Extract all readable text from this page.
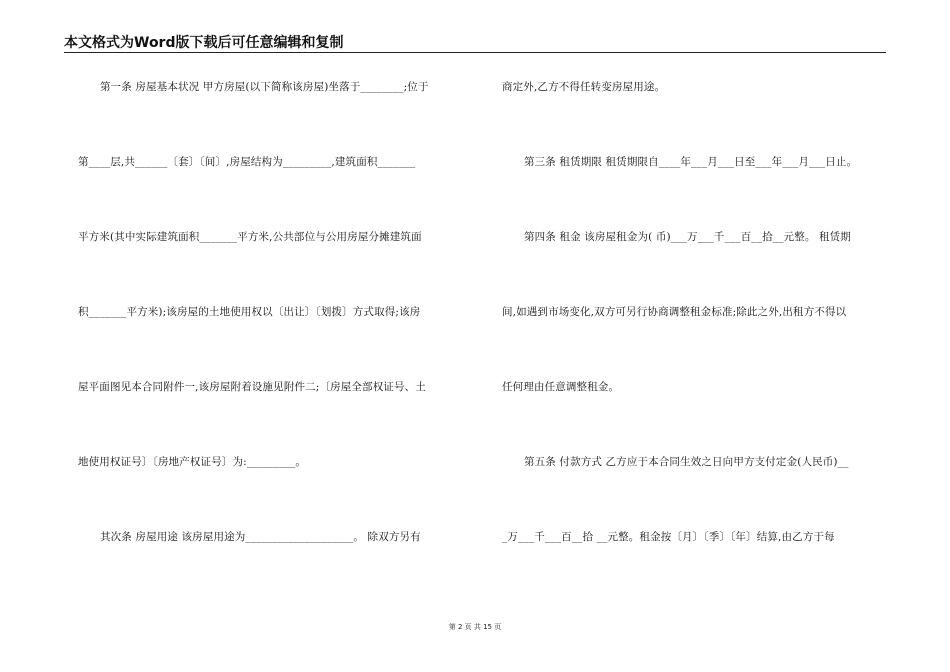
本文格式为Word版下载后可任意编辑和复制
第一条 房屋基本状况 甲方房屋(以下简称该房屋)坐落于________;位于
第____层,共______〔套〕〔间〕,房屋结构为_________,建筑面积_______
平方米(其中实际建筑面积_______平方米,公共部位与公用房屋分摊建筑面
积_______平方米);该房屋的土地使用权以〔出让〕〔划拨〕方式取得;该房
屋平面图见本合同附件一,该房屋附着设施见附件二;〔房屋全部权证号、土
地使用权证号〕〔房地产权证号〕为:_________。
其次条 房屋用途 该房屋用途为____________________。 除双方另有
商定外,乙方不得任转变房屋用途。
第三条 租赁期限 租赁期限自____年___月___日至___年___月___日止。
第四条 租金 该房屋租金为( 币)___万___千___百__拾__元整。 租赁期
间,如遇到市场变化,双方可另行协商调整租金标准;除此之外,出租方不得以
任何理由任意调整租金。
第五条 付款方式 乙方应于本合同生效之日向甲方支付定金(人民币)__
_万___千___百__拾 __元整。租金按〔月〕〔季〕〔年〕结算,由乙方于每
第 2 页 共 15 页
